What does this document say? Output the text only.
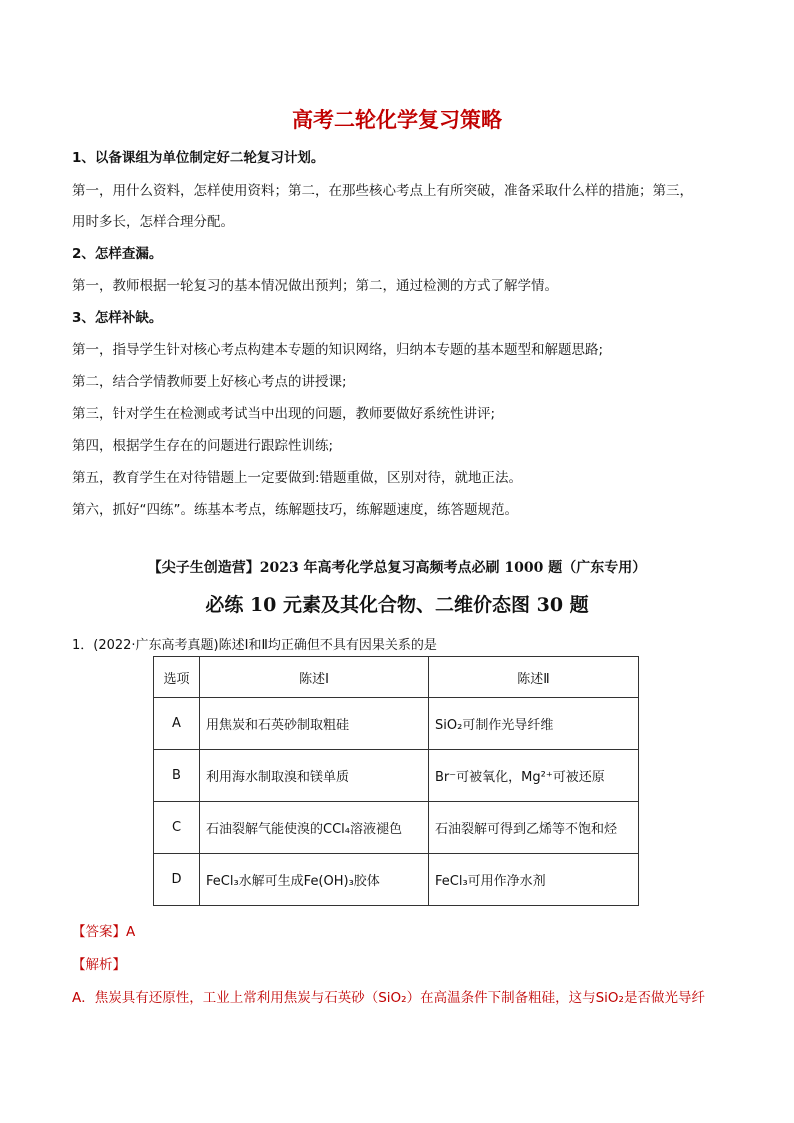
高考二轮化学复习策略
1、以备课组为单位制定好二轮复习计划。
第一，用什么资料，怎样使用资料；第二，在那些核心考点上有所突破，准备采取什么样的措施；第三，
用时多长，怎样合理分配。
2、怎样查漏。
第一，教师根据一轮复习的基本情况做出预判；第二，通过检测的方式了解学情。
3、怎样补缺。
第一，指导学生针对核心考点构建本专题的知识网络，归纳本专题的基本题型和解题思路;
第二，结合学情教师要上好核心考点的讲授课;
第三，针对学生在检测或考试当中出现的问题，教师要做好系统性讲评;
第四，根据学生存在的问题进行跟踪性训练;
第五，教育学生在对待错题上一定要做到:错题重做，区别对待，就地正法。
第六，抓好“四练”。练基本考点，练解题技巧，练解题速度，练答题规范。
【尖子生创造营】2023 年高考化学总复习高频考点必刷 1000 题（广东专用）
必练 10 元素及其化合物、二维价态图 30 题
1．(2022·广东高考真题)陈述Ⅰ和Ⅱ均正确但不具有因果关系的是
选项	陈述Ⅰ	陈述Ⅱ
A	用焦炭和石英砂制取粗硅	SiO₂可制作光导纤维
B	利用海水制取溴和镁单质	Br⁻可被氧化，Mg²⁺可被还原
C	石油裂解气能使溴的CCl₄溶液褪色	石油裂解可得到乙烯等不饱和烃
D	FeCl₃水解可生成Fe(OH)₃胶体	FeCl₃可用作净水剂
【答案】A
【解析】
A．焦炭具有还原性，工业上常利用焦炭与石英砂（SiO₂）在高温条件下制备粗硅，这与SiO₂是否做光导纤
